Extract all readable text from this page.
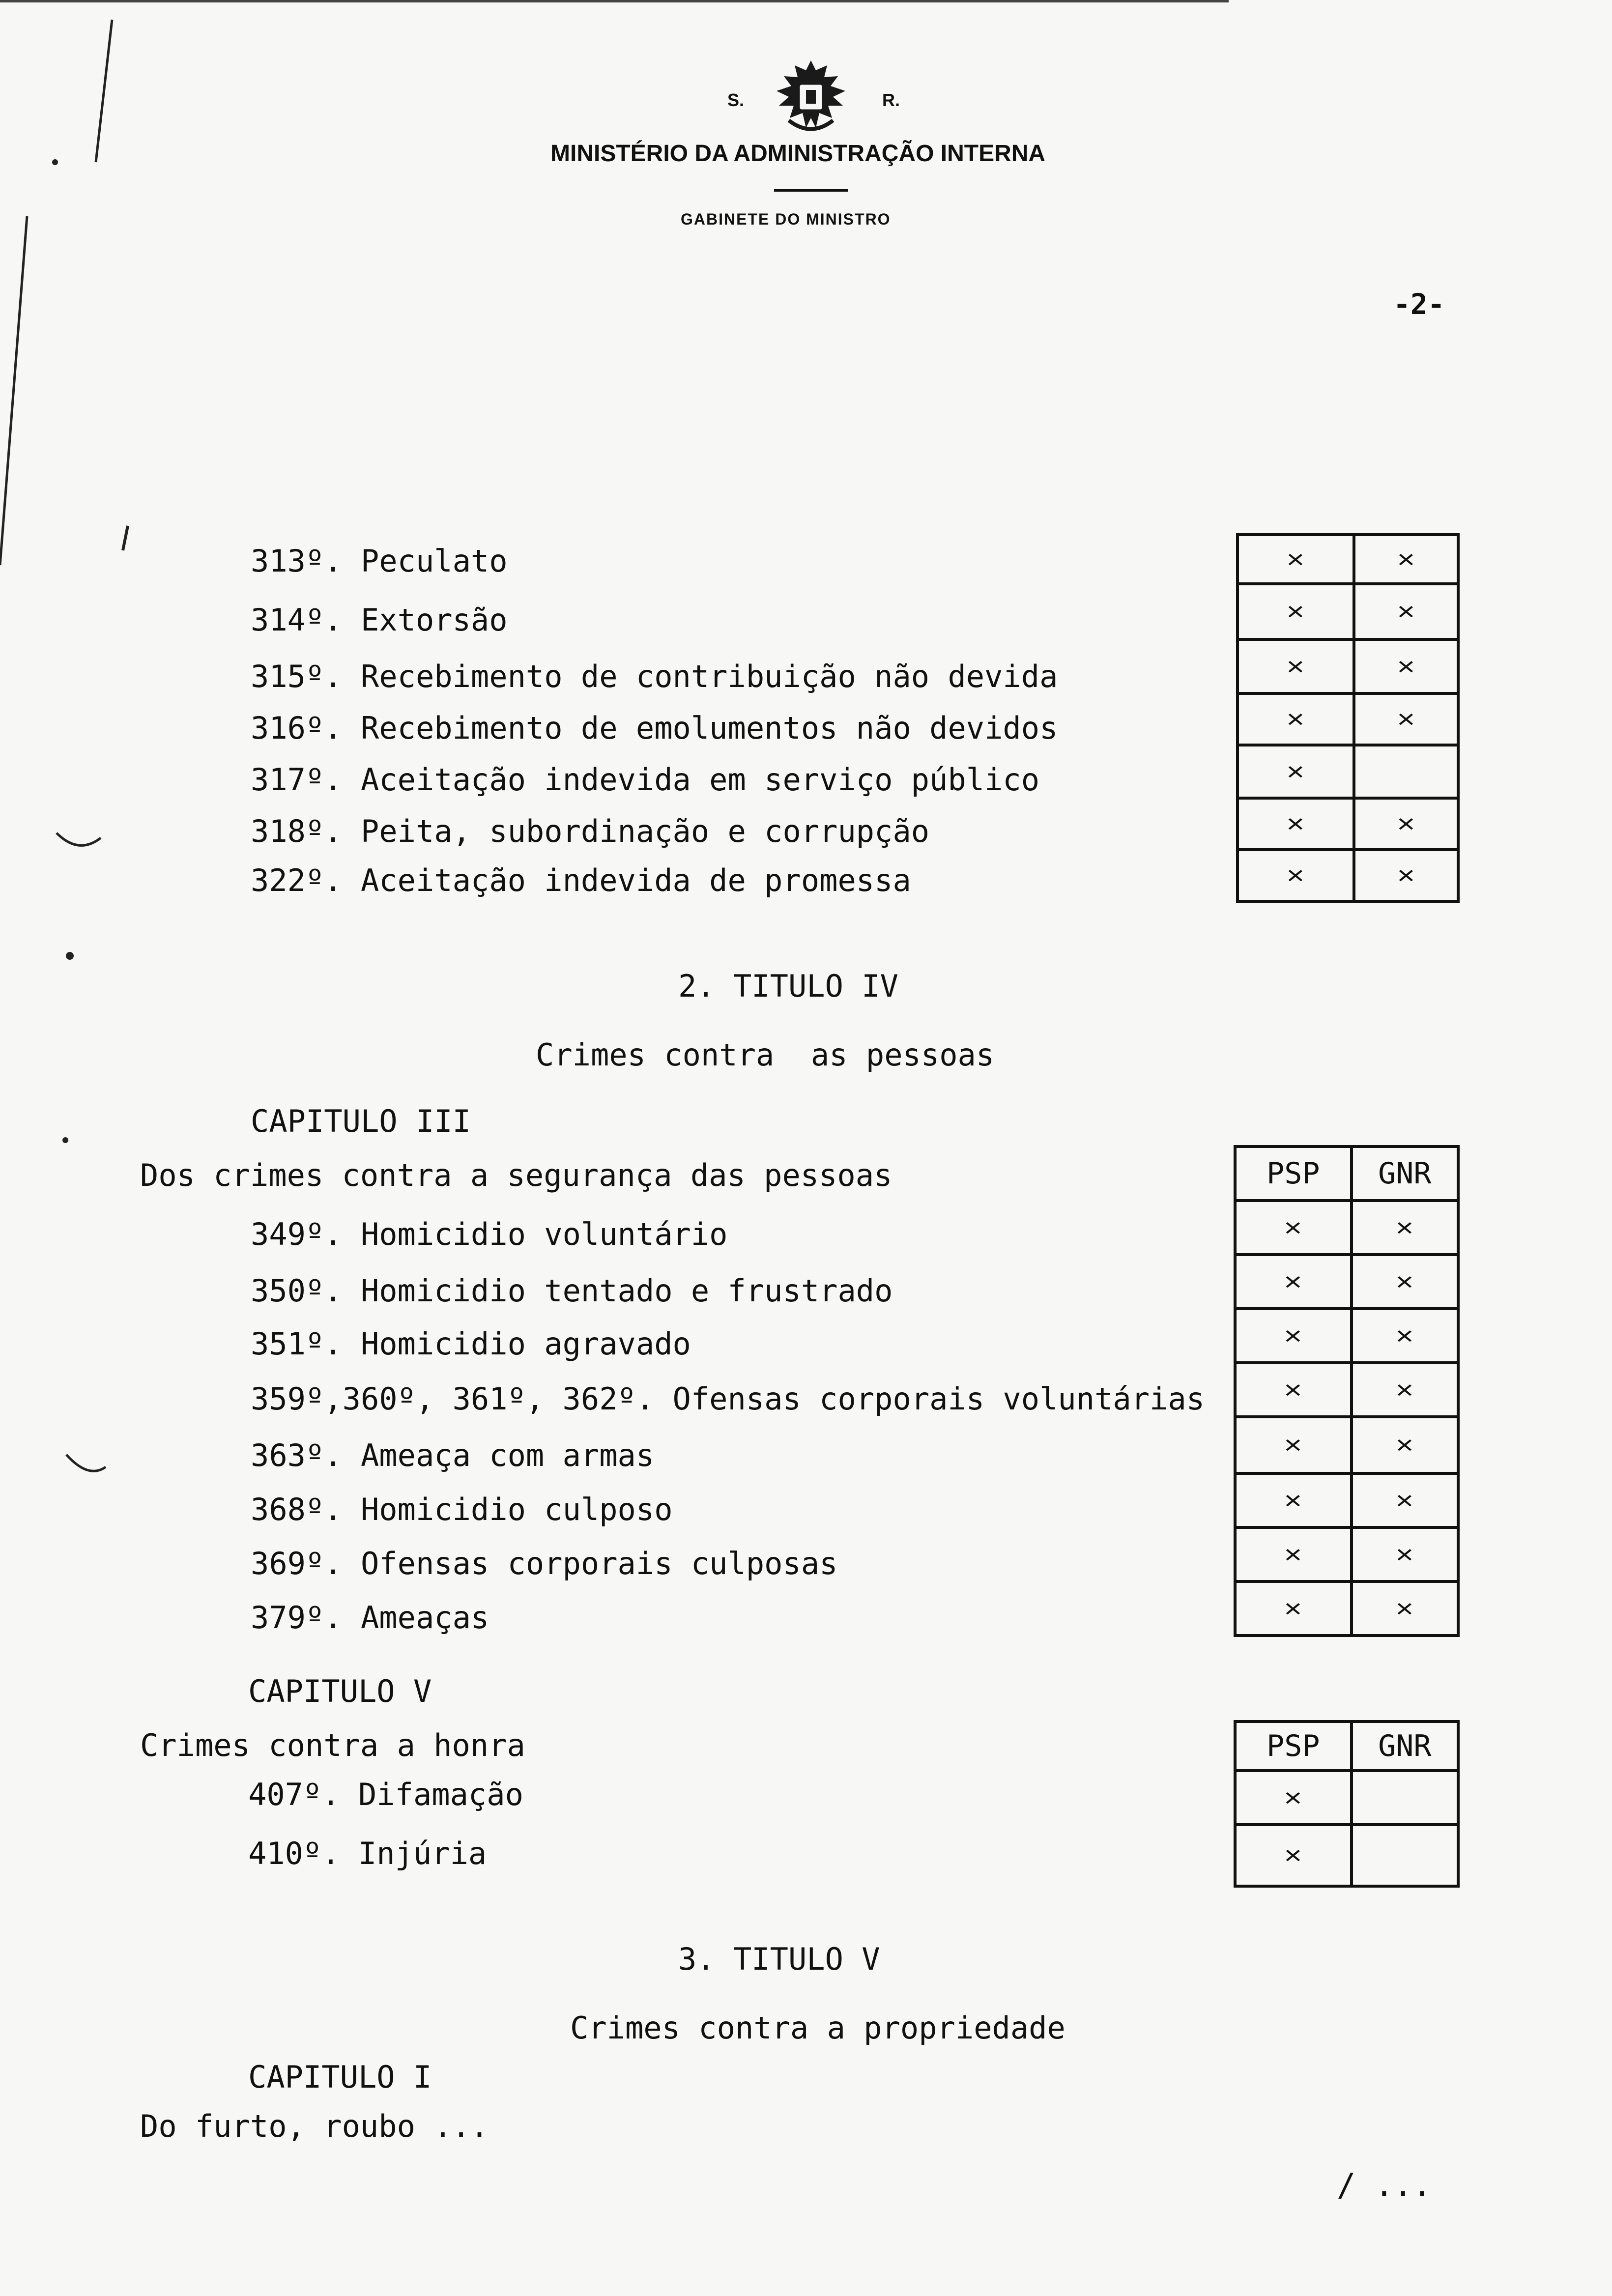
S.	R.
MINISTÉRIO DA ADMINISTRAÇÃO INTERNA
GABINETE DO MINISTRO
-2-
313º. Peculato
314º. Extorsão
315º. Recebimento de contribuição não devida
316º. Recebimento de emolumentos não devidos
317º. Aceitação indevida em serviço público
318º. Peita, subordinação e corrupção
322º. Aceitação indevida de promessa
×	×
×	×
×	×
×	×
×	
×	×
×	×
2. TITULO IV
Crimes contra  as pessoas
CAPITULO III
Dos crimes contra a segurança das pessoas
349º. Homicidio voluntário
350º. Homicidio tentado e frustrado
351º. Homicidio agravado
359º,360º, 361º, 362º. Ofensas corporais voluntárias
363º. Ameaça com armas
368º. Homicidio culposo
369º. Ofensas corporais culposas
379º. Ameaças
PSP	GNR
×	×
×	×
×	×
×	×
×	×
×	×
×	×
×	×
CAPITULO V
Crimes contra a honra
407º. Difamação
410º. Injúria
PSP	GNR
×	
×	
3. TITULO V
Crimes contra a propriedade
CAPITULO I
Do furto, roubo ...
/ ...
